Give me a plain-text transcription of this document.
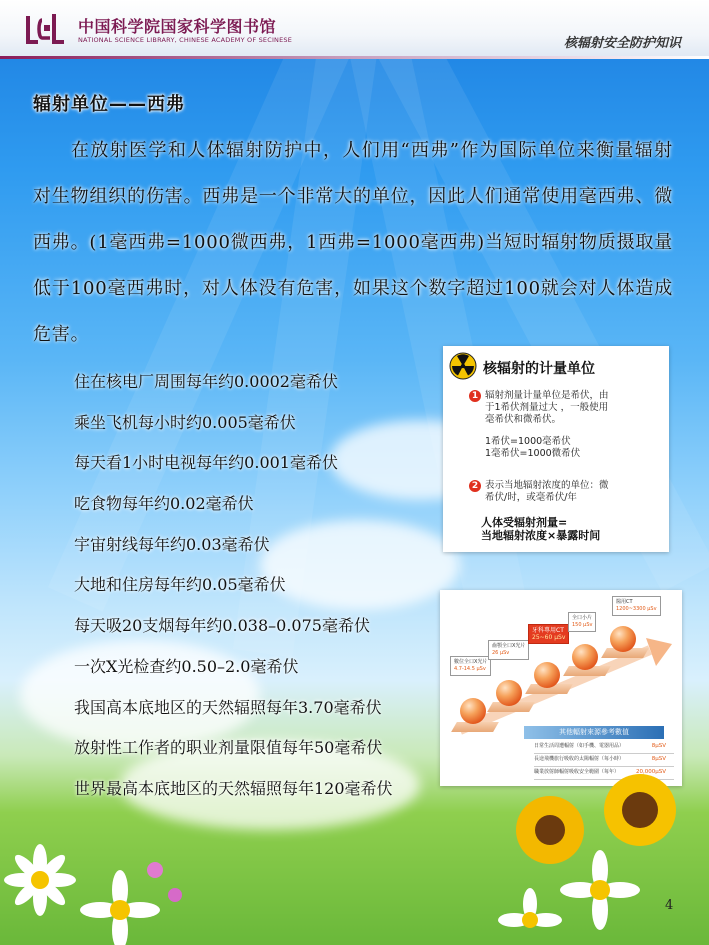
中国科学院国家科学图书馆
NATIONAL SCIENCE LIBRARY, CHINESE ACADEMY OF SECINESE	核辐射安全防护知识
辐射单位——西弗
在放射医学和人体辐射防护中，人们用“西弗”作为国际单位来衡量辐射对生物组织的伤害。西弗是一个非常大的单位，因此人们通常使用毫西弗、微西弗。(1毫西弗=1000微西弗，1西弗=1000毫西弗)当短时辐射物质摄取量低于100毫西弗时，对人体没有危害，如果这个数字超过100就会对人体造成危害。
住在核电厂周围每年约0.0002毫希伏
乘坐飞机每小时约0.005毫希伏
每天看1小时电视每年约0.001毫希伏
吃食物每年约0.02毫希伏
宇宙射线每年约0.03毫希伏
大地和住房每年约0.05毫希伏
每天吸20支烟每年约0.038–0.075毫希伏
一次X光检查约0.50–2.0毫希伏
我国高本底地区的天然辐照每年3.70毫希伏
放射性工作者的职业剂量限值每年50毫希伏
世界最高本底地区的天然辐照每年120毫希伏
核辐射的计量单位
1 辐射剂量计量单位是希伏，由
于1希伏剂量过大 ，一般使用
毫希伏和微希伏。
1希伏=1000毫希伏
1毫希伏=1000微希伏
2 表示当地辐射浓度的单位：微
希伏/时，或毫希伏/年
人体受辐射剂量=
当地辐射浓度×暴露时间
數位全口X光片
4.7-14.5 μSv
齒顎全口X光片
26 μSv
牙科專用CT
25~60 μSv
全口小片
150 μSv
醫用CT
1200~3300 μSv
其他輻射來源參考數值
日常生活周遭輻射（如手機、電器用品）	8μSV
長途飛機旅行吸收的太陽輻射（每小時）	8μSV
職業放射師輻射吸收安全範圍（每年）	20,000μSV
4
